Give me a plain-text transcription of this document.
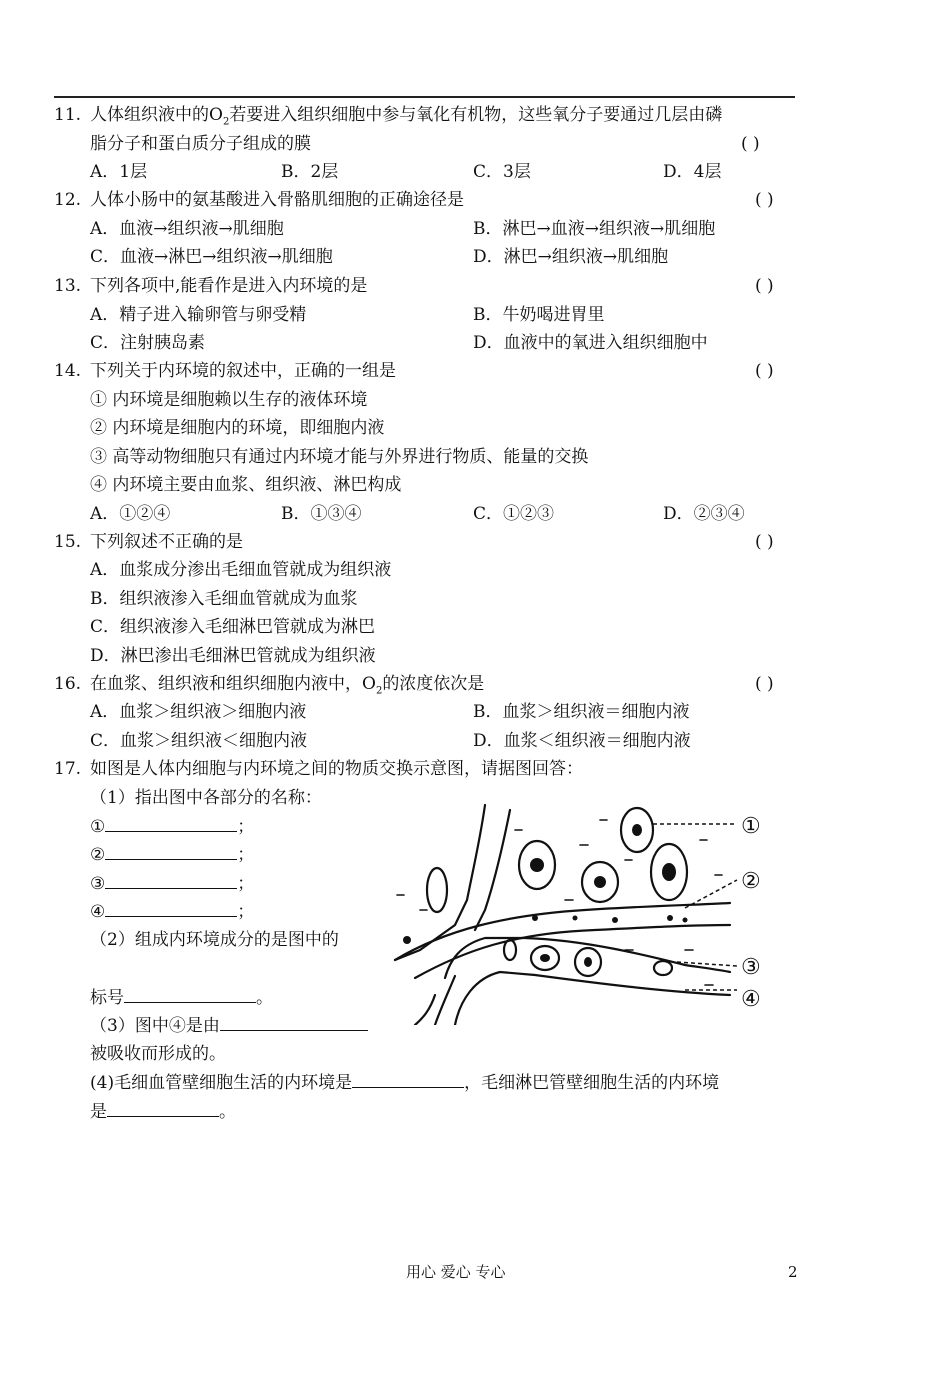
11. 人体组织液中的$O_2$若要进入组织细胞中参与氧化有机物，这些氧分子要通过几层由磷
脂分子和蛋白质分子组成的膜	( )
A．1层	B．2层	C．3层	D．4层
12. 人体小肠中的氨基酸进入骨骼肌细胞的正确途径是	( )
A．血液→组织液→肌细胞	B．淋巴→血液→组织液→肌细胞
C．血液→淋巴→组织液→肌细胞	D．淋巴→组织液→肌细胞
13. 下列各项中,能看作是进入内环境的是	( )
A．精子进入输卵管与卵受精	B．牛奶喝进胃里
C．注射胰岛素	D．血液中的氧进入组织细胞中
14. 下列关于内环境的叙述中，正确的一组是	( )
① 内环境是细胞赖以生存的液体环境
② 内环境是细胞内的环境，即细胞内液
③ 高等动物细胞只有通过内环境才能与外界进行物质、能量的交换
④ 内环境主要由血浆、组织液、淋巴构成
A．①②④	B．①③④	C．①②③	D．②③④
15. 下列叙述不正确的是	( )
A．血浆成分渗出毛细血管就成为组织液
B．组织液渗入毛细血管就成为血浆
C．组织液渗入毛细淋巴管就成为淋巴
D．淋巴渗出毛细淋巴管就成为组织液
16. 在血浆、组织液和组织细胞内液中，$O_2$的浓度依次是	( )
A．血浆＞组织液＞细胞内液	B．血浆＞组织液＝细胞内液
C．血浆＞组织液＜细胞内液	D．血浆＜组织液＝细胞内液
17. 如图是人体内细胞与内环境之间的物质交换示意图，请据图回答：
（1）指出图中各部分的名称：
①	；
②	；
③	；
④	；
（2）组成内环境成分的是图中的
标号	。
（3）图中④是由
被吸收而形成的。
(4)毛细血管壁细胞生活的内环境是	，毛细淋巴管壁细胞生活的内环境
是	。
①
②
③
④
用心 爱心 专心	2
